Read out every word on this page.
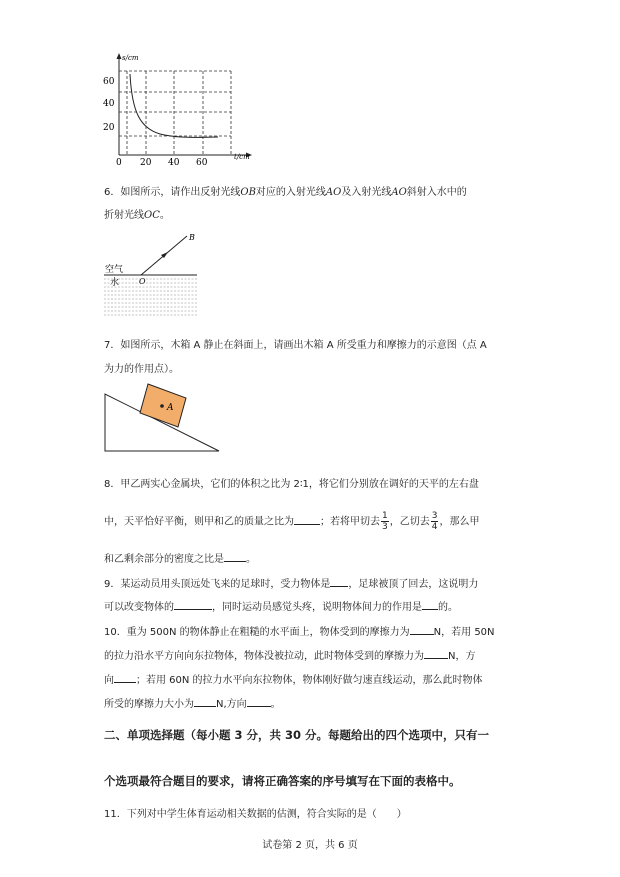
s/cm
t/cm
60
40
20
0 20 40 60
6．如图所示，请作出反射光线OB对应的入射光线AO及入射光线AO斜射入水中的
折射光线OC。
空气
水 O
B
7．如图所示，木箱 A 静止在斜面上，请画出木箱 A 所受重力和摩擦力的示意图（点 A
为力的作用点）。
A
8．甲乙两实心金属块，它们的体积之比为 2∶1，将它们分别放在调好的天平的左右盘
中，天平恰好平衡，则甲和乙的质量之比为	；若将甲切去 $\frac{1}{3}$ ，乙切去 $\frac{3}{4}$ ，那么甲
和乙剩余部分的密度之比是 。
9．某运动员用头顶远处飞来的足球时，受力物体是 ，足球被顶了回去，这说明力
可以改变物体的	，同时运动员感觉头疼，说明物体间力的作用是 的。
10．重为 500N 的物体静止在粗糙的水平面上，物体受到的摩擦力为 N，若用 50N
的拉力沿水平方向向东拉物体，物体没被拉动，此时物体受到的摩擦力为 N，方
向 ；若用 60N 的拉力水平向东拉物体，物体刚好做匀速直线运动，那么此时物体
所受的摩擦力大小为 N,方向 。
二、单项选择题（每小题 3 分，共 30 分。每题给出的四个选项中，只有一
个选项最符合题目的要求，请将正确答案的序号填写在下面的表格中。
11．下列对中学生体育运动相关数据的估测，符合实际的是（　　）
试卷第 2 页，共 6 页
